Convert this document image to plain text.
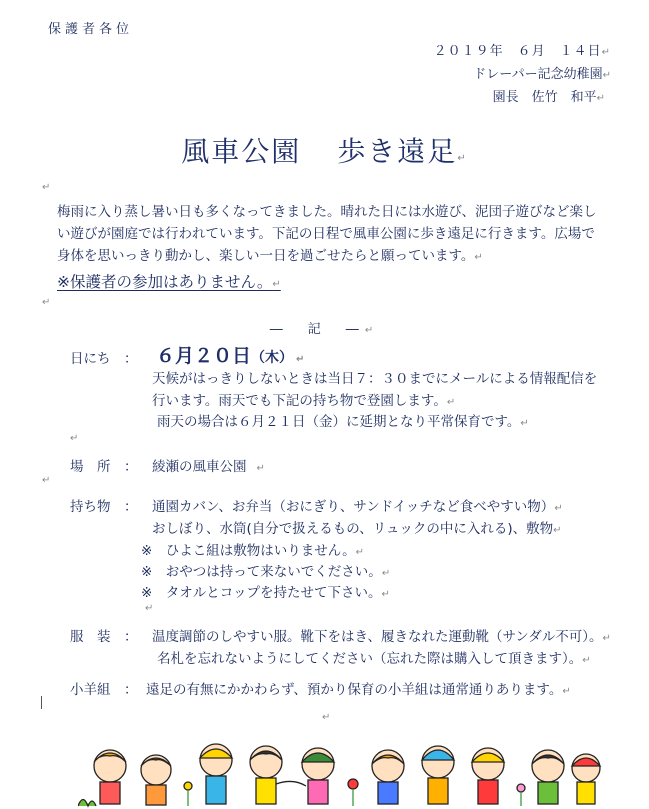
保護者各位
２０１９年　６月　１４日↵
ドレーパー記念幼稚園↵
園長　佐竹　和平↵
風車公園 歩き遠足↵
↵
梅雨に入り蒸し暑い日も多くなってきました。晴れた日には水遊び、泥団子遊びなど楽し
い遊びが園庭では行われています。下記の日程で風車公園に歩き遠足に行きます。広場で
身体を思いっきり動かし、楽しい一日を過ごせたらと願っています。↵
※保護者の参加はありません。↵
↵
―　記　―↵
日にち　： ６月２０日（木）　↵
天候がはっきりしないときは当日７：３０までにメールによる情報配信を
行います。雨天でも下記の持ち物で登園します。↵
雨天の場合は６月２１日（金）に延期となり平常保育です。↵
↵
場　所　： 綾瀬の風車公園　↵
↵
持ち物　： 通園カバン、お弁当（おにぎり、サンドイッチなど食べやすい物）↵
おしぼり、水筒(自分で扱えるもの、リュックの中に入れる)、敷物↵
※　ひよこ組は敷物はいりません。↵
※　おやつは持って来ないでください。↵
※　タオルとコップを持たせて下さい。↵
↵
服　装　： 温度調節のしやすい服。靴下をはき、履きなれた運動靴（サンダル不可）。↵
名札を忘れないようにしてください（忘れた際は購入して頂きます）。↵
小羊組　： 遠足の有無にかかわらず、預かり保育の小羊組は通常通りあります。↵
↵
